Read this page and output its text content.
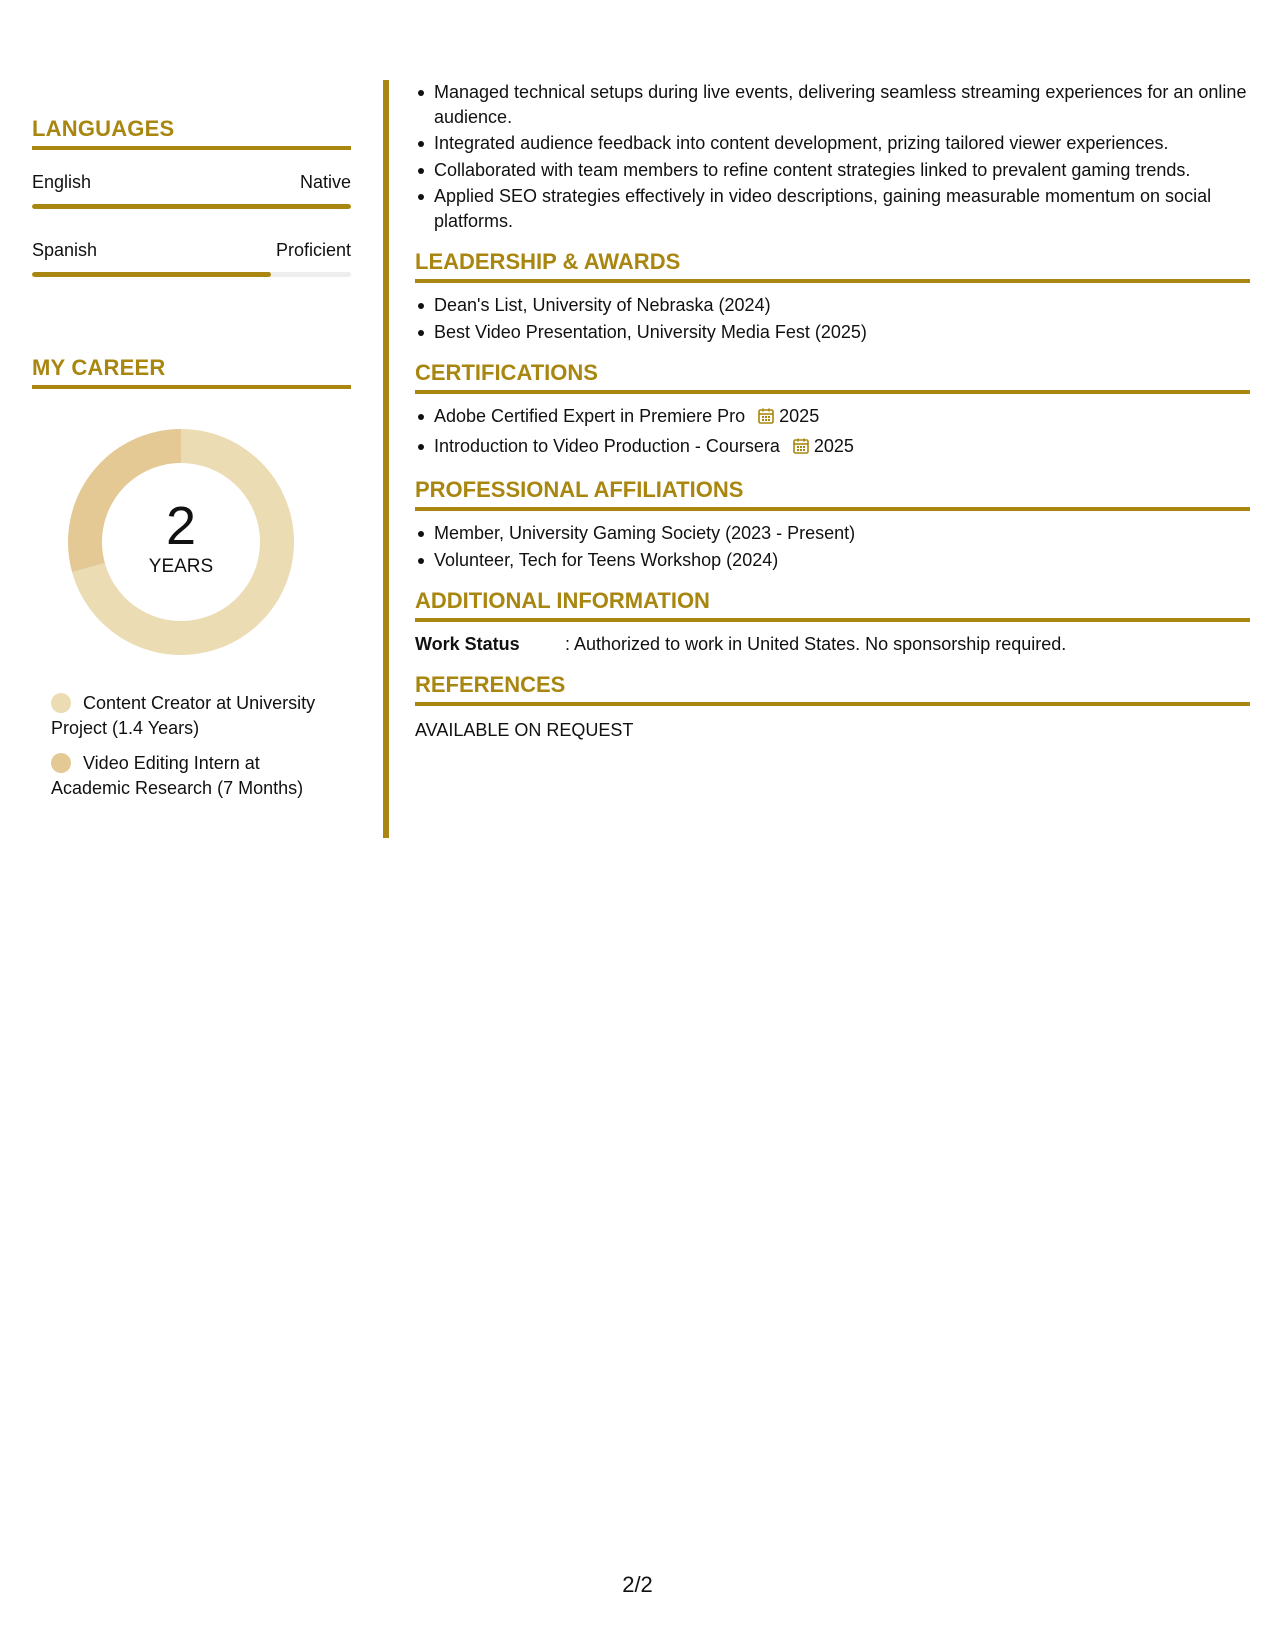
LANGUAGES
English	Native
Spanish	Proficient
MY CAREER
2
YEARS
Content Creator at University Project (1.4 Years)
Video Editing Intern at Academic Research (7 Months)
Managed technical setups during live events, delivering seamless streaming experiences for an online audience.
Integrated audience feedback into content development, prizing tailored viewer experiences.
Collaborated with team members to refine content strategies linked to prevalent gaming trends.
Applied SEO strategies effectively in video descriptions, gaining measurable momentum on social platforms.
LEADERSHIP & AWARDS
Dean's List, University of Nebraska (2024)
Best Video Presentation, University Media Fest (2025)
CERTIFICATIONS
Adobe Certified Expert in Premiere Pro 2025
Introduction to Video Production - Coursera 2025
PROFESSIONAL AFFILIATIONS
Member, University Gaming Society (2023 - Present)
Volunteer, Tech for Teens Workshop (2024)
ADDITIONAL INFORMATION
Work Status	: Authorized to work in United States. No sponsorship required.
REFERENCES
AVAILABLE ON REQUEST
2/2
